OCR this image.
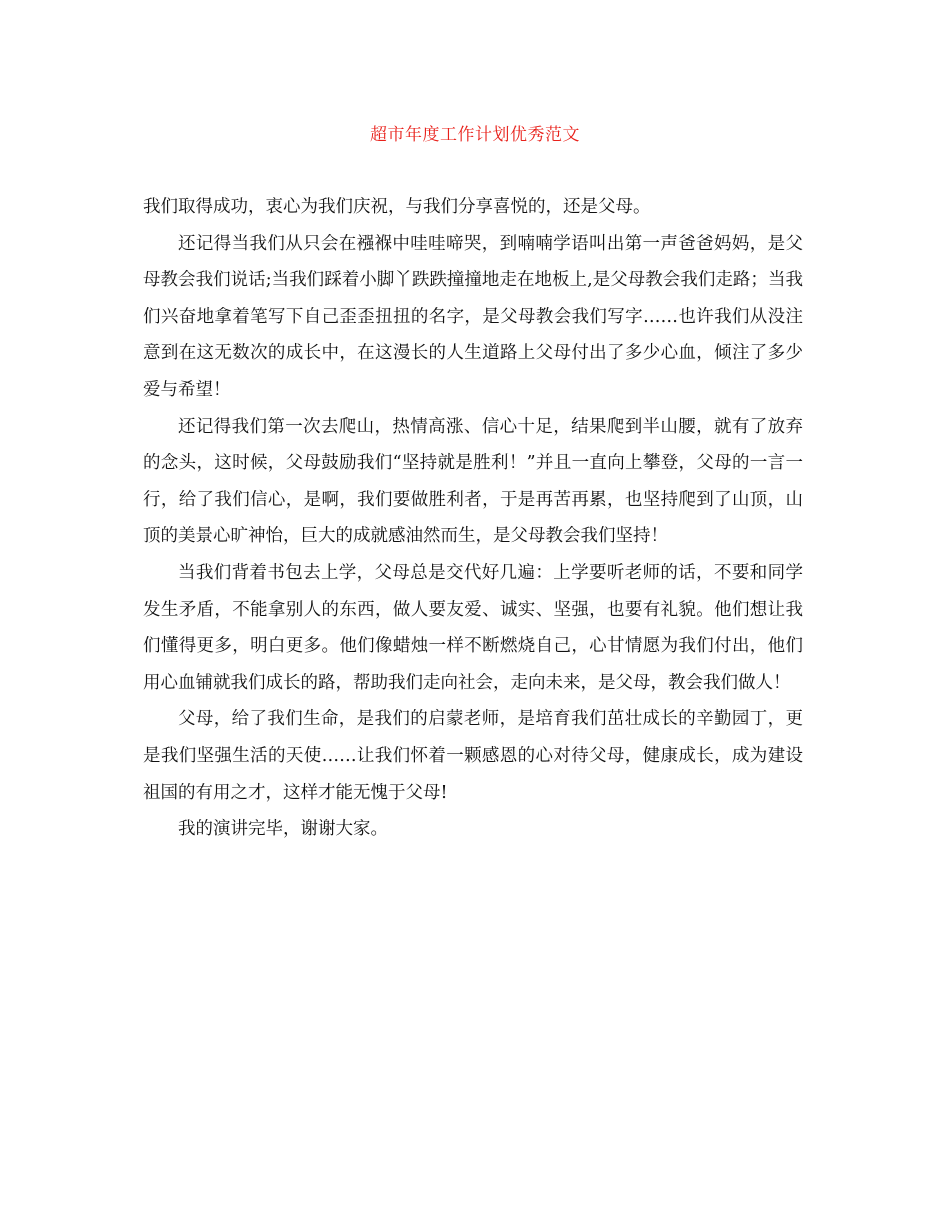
超市年度工作计划优秀范文

我们取得成功，衷心为我们庆祝，与我们分享喜悦的，还是父母。

还记得当我们从只会在襁褓中哇哇啼哭，到喃喃学语叫出第一声爸爸妈妈，是父母教会我们说话;当我们踩着小脚丫跌跌撞撞地走在地板上,是父母教会我们走路；当我们兴奋地拿着笔写下自己歪歪扭扭的名字，是父母教会我们写字……也许我们从没注意到在这无数次的成长中，在这漫长的人生道路上父母付出了多少心血，倾注了多少爱与希望！

还记得我们第一次去爬山，热情高涨、信心十足，结果爬到半山腰，就有了放弃的念头，这时候，父母鼓励我们“坚持就是胜利！”并且一直向上攀登，父母的一言一行，给了我们信心，是啊，我们要做胜利者，于是再苦再累，也坚持爬到了山顶，山顶的美景心旷神怡，巨大的成就感油然而生，是父母教会我们坚持！

当我们背着书包去上学，父母总是交代好几遍：上学要听老师的话，不要和同学发生矛盾，不能拿别人的东西，做人要友爱、诚实、坚强，也要有礼貌。他们想让我们懂得更多，明白更多。他们像蜡烛一样不断燃烧自己，心甘情愿为我们付出，他们用心血铺就我们成长的路，帮助我们走向社会，走向未来，是父母，教会我们做人！

父母，给了我们生命，是我们的启蒙老师，是培育我们茁壮成长的辛勤园丁，更是我们坚强生活的天使……让我们怀着一颗感恩的心对待父母，健康成长，成为建设祖国的有用之才，这样才能无愧于父母!

我的演讲完毕，谢谢大家。
